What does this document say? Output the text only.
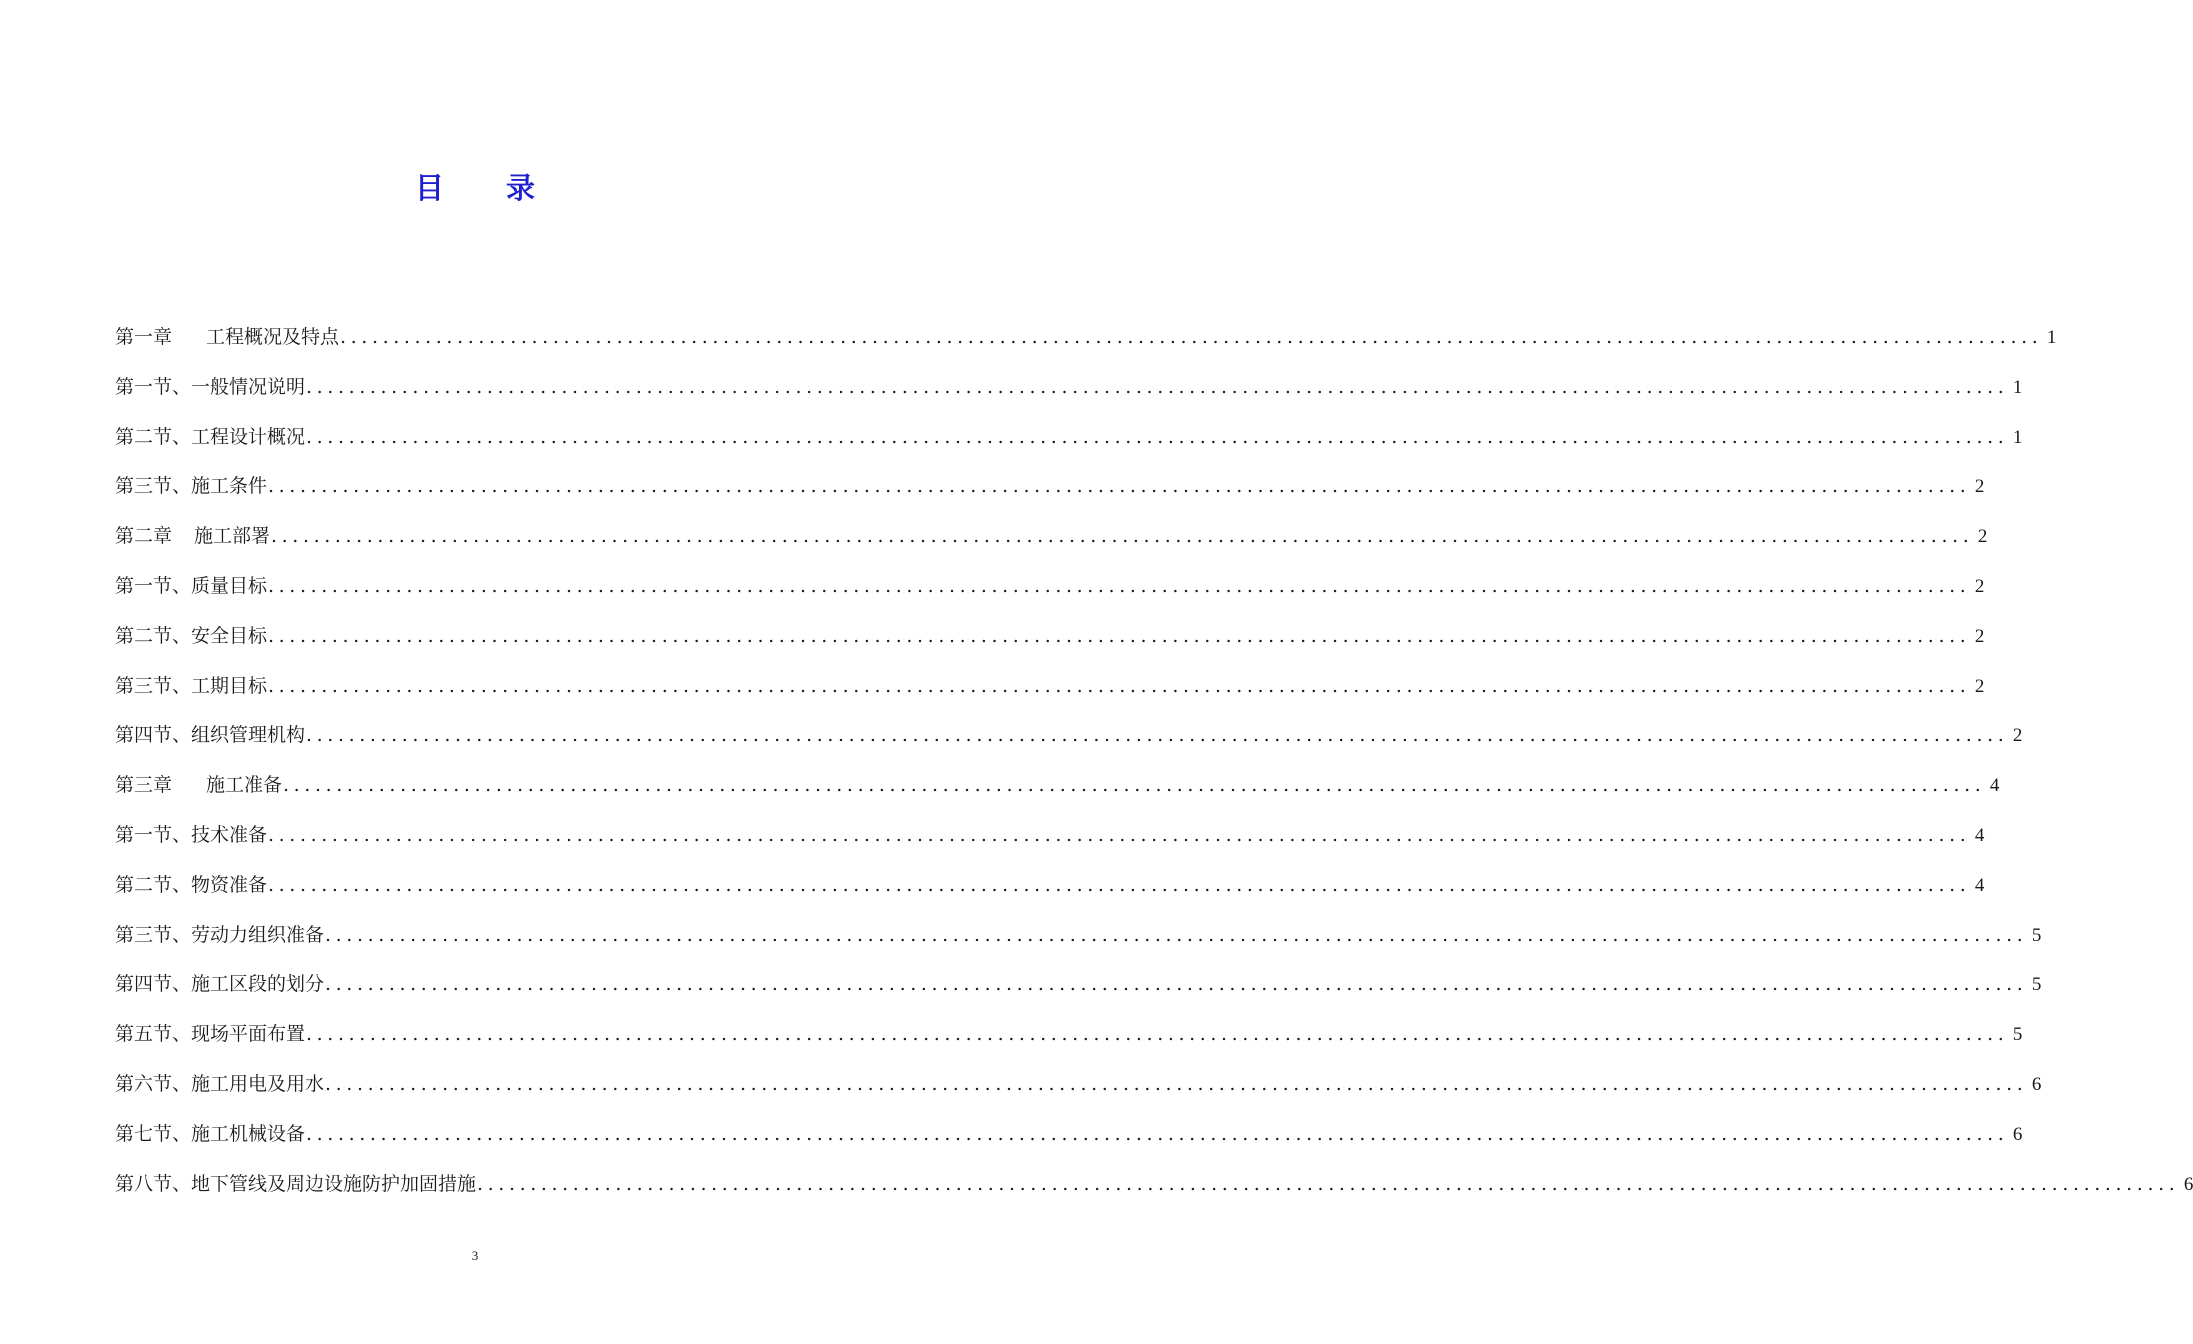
目 录
第一章 工程概况及特点 ................................................................................................................................................................ 1
第一节、一般情况说明 ................................................................................................................................................................ 1
第二节、工程设计概况 ................................................................................................................................................................ 1
第三节、施工条件 ................................................................................................................................................................ 2
第二章 施工部署 ................................................................................................................................................................ 2
第一节、质量目标 ................................................................................................................................................................ 2
第二节、安全目标 ................................................................................................................................................................ 2
第三节、工期目标 ................................................................................................................................................................ 2
第四节、组织管理机构 ................................................................................................................................................................ 2
第三章 施工准备 ................................................................................................................................................................ 4
第一节、技术准备 ................................................................................................................................................................ 4
第二节、物资准备 ................................................................................................................................................................ 4
第三节、劳动力组织准备 ................................................................................................................................................................ 5
第四节、施工区段的划分 ................................................................................................................................................................ 5
第五节、现场平面布置 ................................................................................................................................................................ 5
第六节、施工用电及用水 ................................................................................................................................................................ 6
第七节、施工机械设备 ................................................................................................................................................................ 6
第八节、地下管线及周边设施防护加固措施 ................................................................................................................................................................ 6
3
